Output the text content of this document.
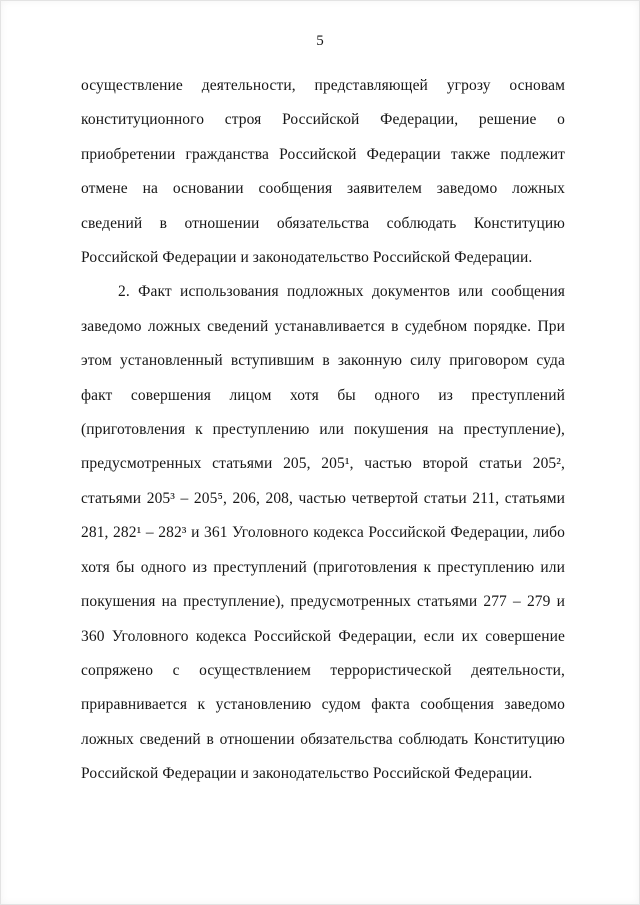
5

осуществление деятельности, представляющей угрозу основам конституционного строя Российской Федерации, решение о приобретении гражданства Российской Федерации также подлежит отмене на основании сообщения заявителем заведомо ложных сведений в отношении обязательства соблюдать Конституцию Российской Федерации и законодательство Российской Федерации.

2. Факт использования подложных документов или сообщения заведомо ложных сведений устанавливается в судебном порядке. При этом установленный вступившим в законную силу приговором суда факт совершения лицом хотя бы одного из преступлений (приготовления к преступлению или покушения на преступление), предусмотренных статьями 205, 205¹, частью второй статьи 205², статьями 205³ – 205⁵, 206, 208, частью четвертой статьи 211, статьями 281, 282¹ – 282³ и 361 Уголовного кодекса Российской Федерации, либо хотя бы одного из преступлений (приготовления к преступлению или покушения на преступление), предусмотренных статьями 277 – 279 и 360 Уголовного кодекса Российской Федерации, если их совершение сопряжено с осуществлением террористической деятельности, приравнивается к установлению судом факта сообщения заведомо ложных сведений в отношении обязательства соблюдать Конституцию Российской Федерации и законодательство Российской Федерации.
